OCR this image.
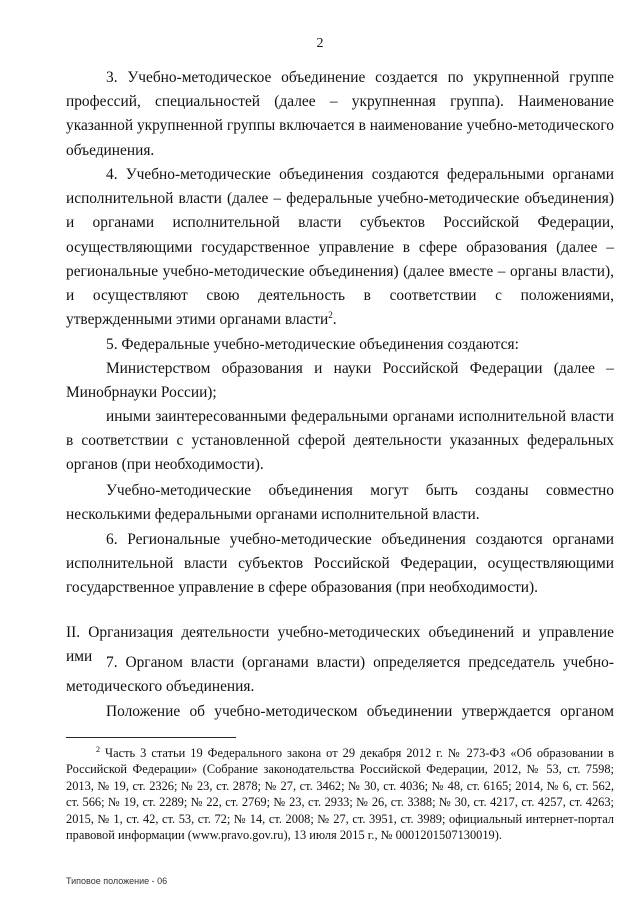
2

3. Учебно-методическое объединение создается по укрупненной группе профессий, специальностей (далее – укрупненная группа). Наименование указанной укрупненной группы включается в наименование учебно-методического объединения.

4. Учебно-методические объединения создаются федеральными органами исполнительной власти (далее – федеральные учебно-методические объединения) и органами исполнительной власти субъектов Российской Федерации, осуществляющими государственное управление в сфере образования (далее – региональные учебно-методические объединения) (далее вместе – органы власти), и осуществляют свою деятельность в соответствии с положениями, утвержденными этими органами власти$^2$.

5. Федеральные учебно-методические объединения создаются:

Министерством образования и науки Российской Федерации (далее – Минобрнауки России);

иными заинтересованными федеральными органами исполнительной власти в соответствии с установленной сферой деятельности указанных федеральных органов (при необходимости).

Учебно-методические объединения могут быть созданы совместно несколькими федеральными органами исполнительной власти.

6. Региональные учебно-методические объединения создаются органами исполнительной власти субъектов Российской Федерации, осуществляющими государственное управление в сфере образования (при необходимости).

II. Организация деятельности учебно-методических объединений и управление ими 7. Органом власти (органами власти) определяется председатель учебно-методического объединения.

Положение об учебно-методическом объединении утверждается органом

$^2$ Часть 3 статьи 19 Федерального закона от 29 декабря 2012 г. № 273-ФЗ «Об образовании в Российской Федерации» (Собрание законодательства Российской Федерации, 2012, № 53, ст. 7598; 2013, № 19, ст. 2326; № 23, ст. 2878; № 27, ст. 3462; № 30, ст. 4036; № 48, ст. 6165; 2014, № 6, ст. 562, ст. 566; № 19, ст. 2289; № 22, ст. 2769; № 23, ст. 2933; № 26, ст. 3388; № 30, ст. 4217, ст. 4257, ст. 4263; 2015, № 1, ст. 42, ст. 53, ст. 72; № 14, ст. 2008; № 27, ст. 3951, ст. 3989; официальный интернет-портал правовой информации (www.pravo.gov.ru), 13 июля 2015 г., № 0001201507130019).

Типовое положение - 06
